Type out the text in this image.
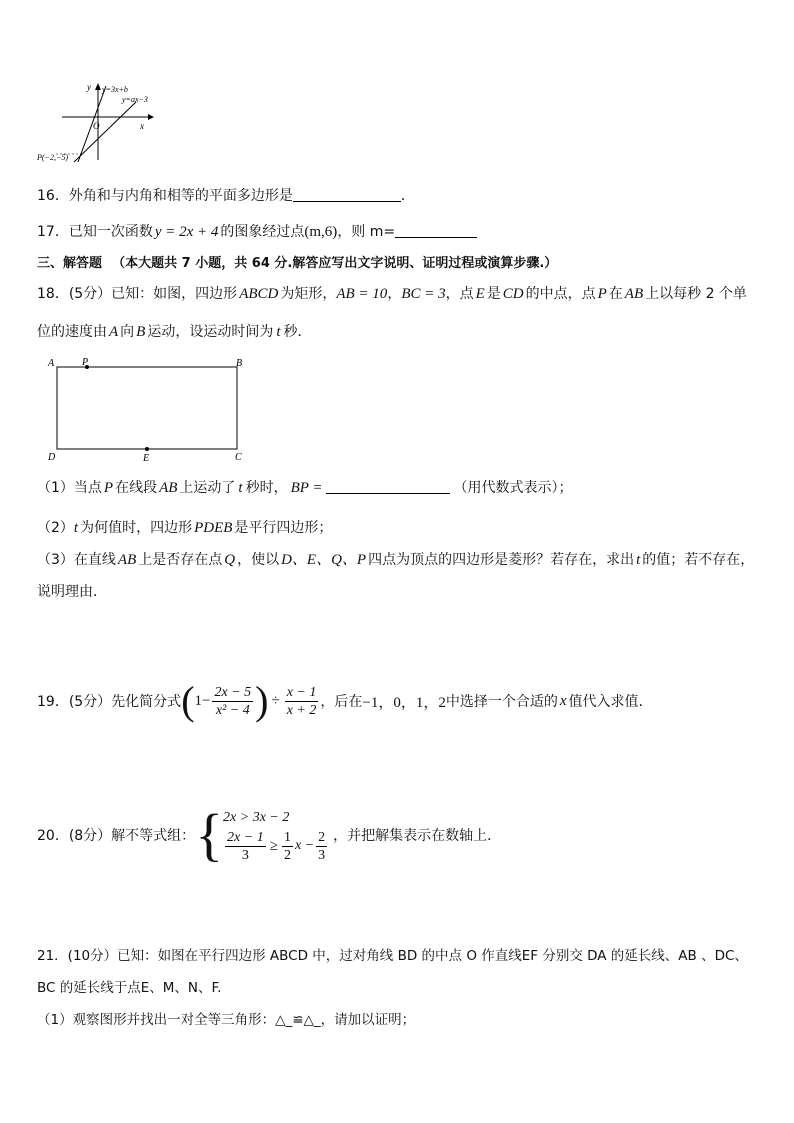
y
x
O
y=3x+b
y=ax−3
P(−2,−5)
16．外角和与内角和相等的平面多边形是	．
17．已知一次函数 y = 2x + 4 的图象经过点(m,6)，则 m=
三、解答题 （本大题共 7 小题，共 64 分.解答应写出文字说明、证明过程或演算步骤.）
18．(5分）已知：如图，四边形 ABCD 为矩形，AB = 10，BC = 3，点 E 是 CD 的中点，点 P 在 AB 上以每秒 2 个单
位的速度由 A 向 B 运动，设运动时间为 t 秒．
A	P	B
D	E	C
（1）当点 P 在线段 AB 上运动了 t 秒时， BP =	（用代数式表示）；
（2）t 为何值时，四边形 PDEB 是平行四边形；
（3）在直线 AB 上是否存在点 Q ，使以 D、E、Q、P 四点为顶点的四边形是菱形？若存在，求出 t 的值；若不存在，
说明理由．
19．(5分）先化简分式 ( $1- \frac{2x - 5}{\text{x² − 4}}$ ) ÷ $\frac{x - 1}{x + 2}$ ，后在 −1，0，1，2 中选择一个合适的 x 值代入求值.
20．(8分）解不等式组： { 2x > 3x − 2
$\frac{2x - 1}{3} \ge \frac{1}{2}$ $x - \frac{2}{3}$ ，并把解集表示在数轴上．
21．(10分）已知：如图在平行四边形 ABCD 中，过对角线 BD 的中点 O 作直线EF 分别交 DA 的延长线、AB 、DC、
BC 的延长线于点E、M、N、F.
（1）观察图形并找出一对全等三角形：△_≌△_，请加以证明；
